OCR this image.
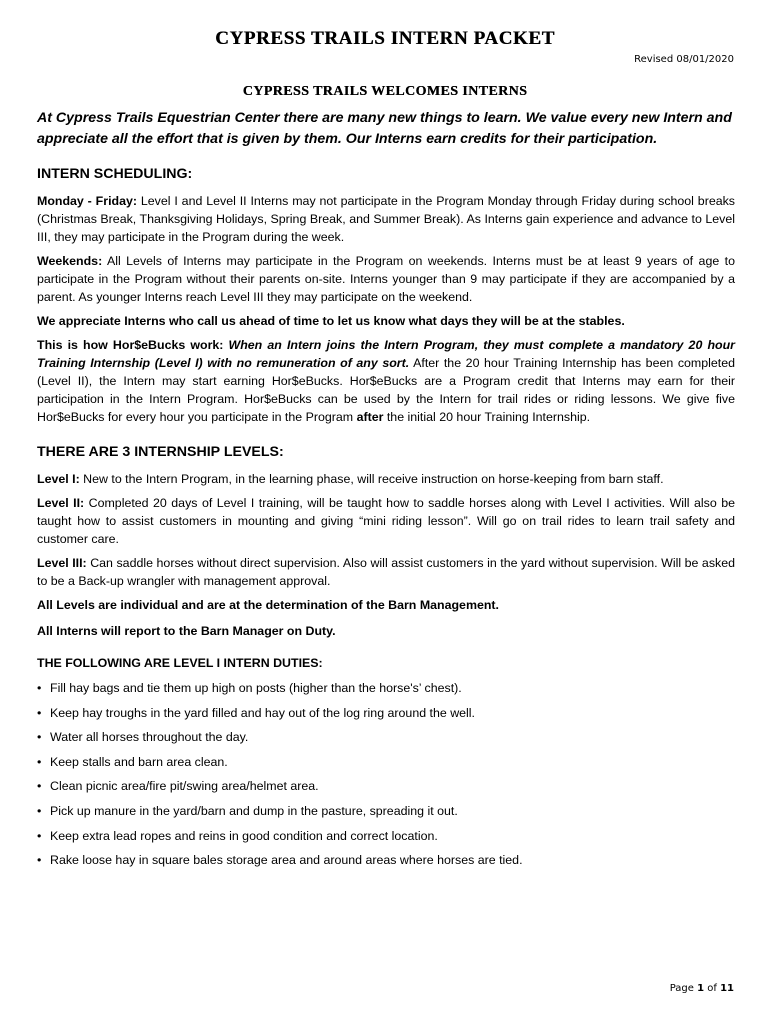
CYPRESS TRAILS INTERN PACKET
Revised 08/01/2020
CYPRESS TRAILS WELCOMES INTERNS

At Cypress Trails Equestrian Center there are many new things to learn. We value every new Intern and appreciate all the effort that is given by them. Our Interns earn credits for their participation.

INTERN SCHEDULING:

Monday - Friday: Level I and Level II Interns may not participate in the Program Monday through Friday during school breaks (Christmas Break, Thanksgiving Holidays, Spring Break, and Summer Break). As Interns gain experience and advance to Level III, they may participate in the Program during the week.

Weekends: All Levels of Interns may participate in the Program on weekends. Interns must be at least 9 years of age to participate in the Program without their parents on-site. Interns younger than 9 may participate if they are accompanied by a parent. As younger Interns reach Level III they may participate on the weekend.

We appreciate Interns who call us ahead of time to let us know what days they will be at the stables.

This is how Hor$eBucks work: When an Intern joins the Intern Program, they must complete a mandatory 20 hour Training Internship (Level I) with no remuneration of any sort. After the 20 hour Training Internship has been completed (Level II), the Intern may start earning Hor$eBucks. Hor$eBucks are a Program credit that Interns may earn for their participation in the Intern Program. Hor$eBucks can be used by the Intern for trail rides or riding lessons. We give five Hor$eBucks for every hour you participate in the Program after the initial 20 hour Training Internship.

THERE ARE 3 INTERNSHIP LEVELS:

Level I: New to the Intern Program, in the learning phase, will receive instruction on horse-keeping from barn staff.

Level II: Completed 20 days of Level I training, will be taught how to saddle horses along with Level I activities. Will also be taught how to assist customers in mounting and giving “mini riding lesson”. Will go on trail rides to learn trail safety and customer care.

Level III: Can saddle horses without direct supervision. Also will assist customers in the yard without supervision. Will be asked to be a Back-up wrangler with management approval.

All Levels are individual and are at the determination of the Barn Management.

All Interns will report to the Barn Manager on Duty.

THE FOLLOWING ARE LEVEL I INTERN DUTIES:
• Fill hay bags and tie them up high on posts (higher than the horse's’ chest).
• Keep hay troughs in the yard filled and hay out of the log ring around the well.
• Water all horses throughout the day.
• Keep stalls and barn area clean.
• Clean picnic area/fire pit/swing area/helmet area.
• Pick up manure in the yard/barn and dump in the pasture, spreading it out.
• Keep extra lead ropes and reins in good condition and correct location.
• Rake loose hay in square bales storage area and around areas where horses are tied.
Page 1 of 11
